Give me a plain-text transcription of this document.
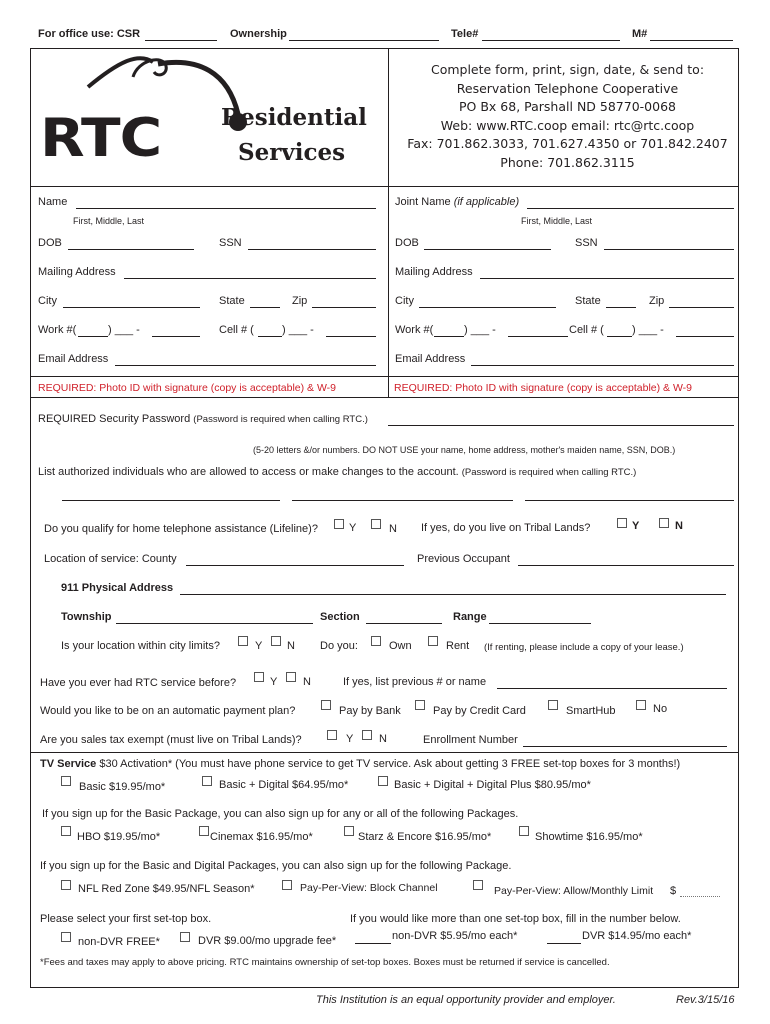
For office use: CSR	Ownership	Tele#	M#
RTC	Residential
Services
Complete form, print, sign, date, & send to:
Reservation Telephone Cooperative
PO Bx 68, Parshall ND 58770-0068
Web: www.RTC.coop email: rtc@rtc.coop
Fax: 701.862.3033, 701.627.4350 or 701.842.2407
Phone: 701.862.3115
Name
First, Middle, Last
DOB	SSN
Mailing Address
City	State	Zip
Work #(	) ___ -	Cell # (	) ___ -
Email Address
REQUIRED: Photo ID with signature (copy is acceptable) & W-9
Joint Name (if applicable)
First, Middle, Last
DOB	SSN
Mailing Address
City	State	Zip
Work #(	) ___ -	Cell # (	) ___ -
Email Address
REQUIRED: Photo ID with signature (copy is acceptable) & W-9
REQUIRED Security Password (Password is required when calling RTC.)
(5-20 letters &/or numbers. DO NOT USE your name, home address, mother's maiden name, SSN, DOB.)
List authorized individuals who are allowed to access or make changes to the account. (Password is required when calling RTC.)
Do you qualify for home telephone assistance (Lifeline)?	Y	N If yes, do you live on Tribal Lands?	Y	N
Location of service: County	Previous Occupant
911 Physical Address
Township	Section	Range
Is your location within city limits?	Y N Do you:	Own	Rent (If renting, please include a copy of your lease.)
Have you ever had RTC service before?	Y N	If yes, list previous # or name
Would you like to be on an automatic payment plan?	Pay by Bank	Pay by Credit Card	SmartHub	No
Are you sales tax exempt (must live on Tribal Lands)?	Y N	Enrollment Number
TV Service $30 Activation* (You must have phone service to get TV service. Ask about getting 3 FREE set-top boxes for 3 months!)
Basic $19.95/mo*	Basic + Digital $64.95/mo*	Basic + Digital + Digital Plus $80.95/mo*
If you sign up for the Basic Package, you can also sign up for any or all of the following Packages.
HBO $19.95/mo*	Cinemax $16.95/mo*	Starz & Encore $16.95/mo*	Showtime $16.95/mo*
If you sign up for the Basic and Digital Packages, you can also sign up for the following Package.
NFL Red Zone $49.95/NFL Season*	Pay-Per-View: Block Channel	Pay-Per-View: Allow/Monthly Limit $
Please select your first set-top box.	If you would like more than one set-top box, fill in the number below.
non-DVR FREE*	DVR $9.00/mo upgrade fee*	non-DVR $5.95/mo each*	DVR $14.95/mo each*
*Fees and taxes may apply to above pricing. RTC maintains ownership of set-top boxes. Boxes must be returned if service is cancelled.
This Institution is an equal opportunity provider and employer.	Rev.3/15/16
